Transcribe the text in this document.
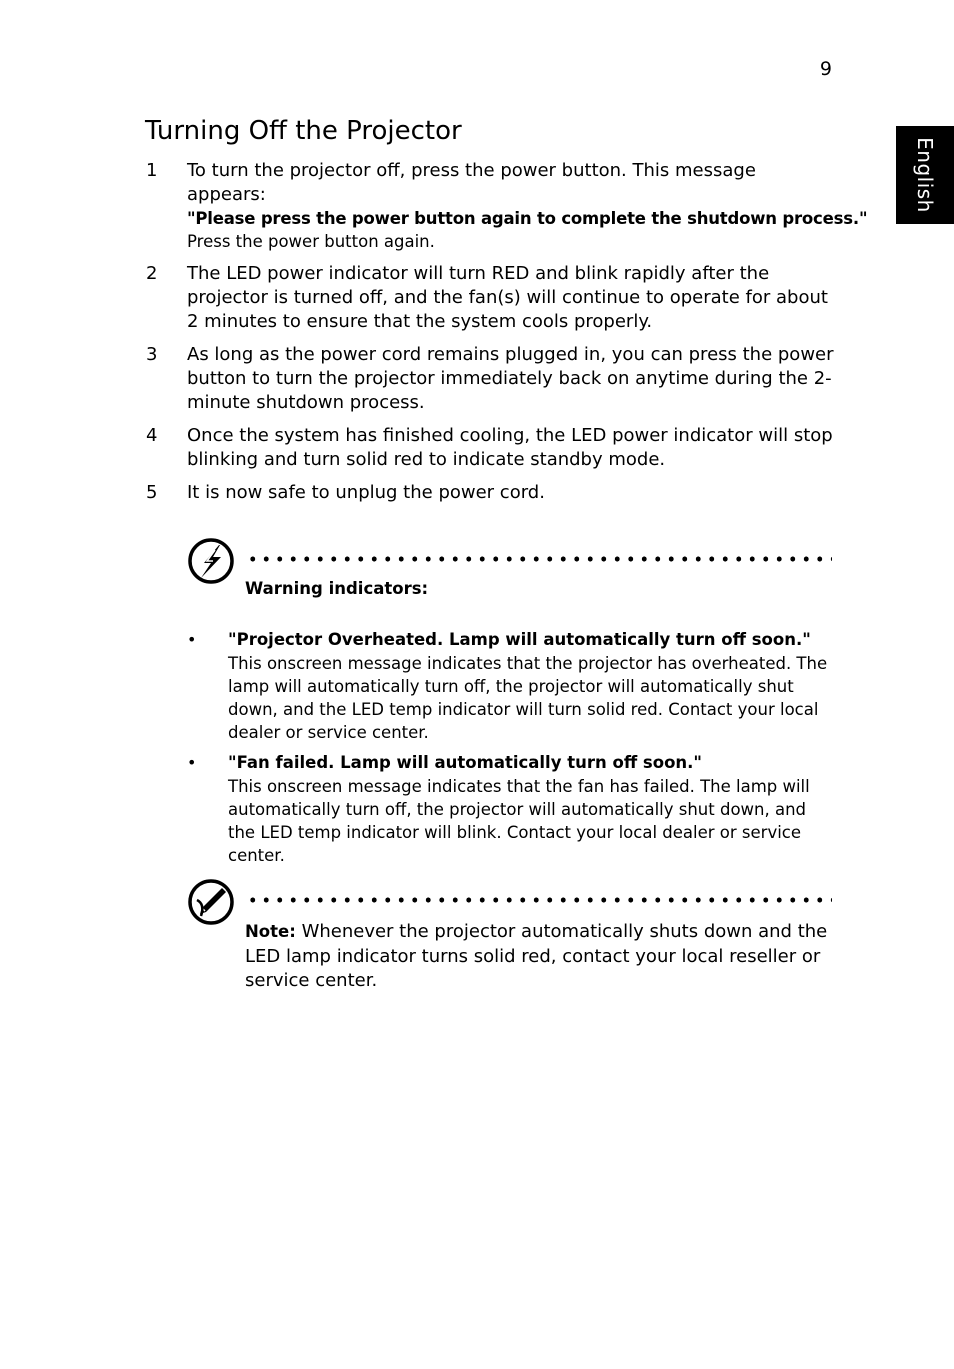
9
English
Turning Off the Projector
1 To turn the projector off, press the power button. This message appears:
"Please press the power button again to complete the shutdown process."
Press the power button again.
2 The LED power indicator will turn RED and blink rapidly after the projector is turned off, and the fan(s) will continue to operate for about 2 minutes to ensure that the system cools properly.
3 As long as the power cord remains plugged in, you can press the power button to turn the projector immediately back on anytime during the 2-minute shutdown process.
4 Once the system has finished cooling, the LED power indicator will stop blinking and turn solid red to indicate standby mode.
5 It is now safe to unplug the power cord.
Warning indicators:
• "Projector Overheated. Lamp will automatically turn off soon."
This onscreen message indicates that the projector has overheated. The lamp will automatically turn off, the projector will automatically shut down, and the LED temp indicator will turn solid red. Contact your local dealer or service center.
• "Fan failed. Lamp will automatically turn off soon."
This onscreen message indicates that the fan has failed. The lamp will automatically turn off, the projector will automatically shut down, and the LED temp indicator will blink. Contact your local dealer or service center.
Note: Whenever the projector automatically shuts down and the LED lamp indicator turns solid red, contact your local reseller or service center.
